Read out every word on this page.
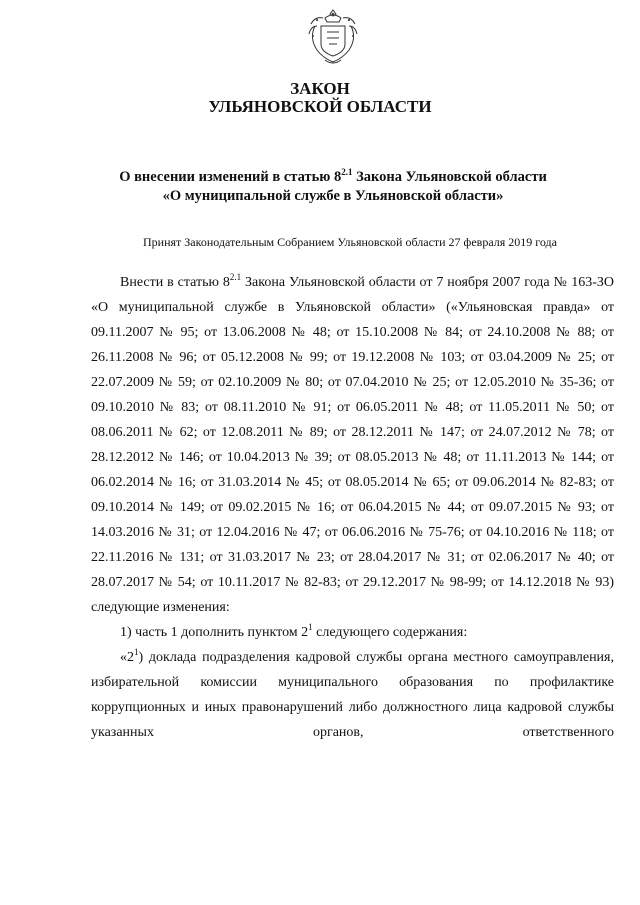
ЗАКОН
УЛЬЯНОВСКОЙ ОБЛАСТИ
О внесении изменений в статью $8^{2.1}$ Закона Ульяновской области
«О муниципальной службе в Ульяновской области»
Принят Законодательным Собранием Ульяновской области 27 февраля 2019 года

Внести в статью $8^{2.1}$ Закона Ульяновской области от 7 ноября 2007 года № 163-ЗО «О муниципальной службе в Ульяновской области» («Ульяновская правда» от 09.11.2007 № 95; от 13.06.2008 № 48; от 15.10.2008 № 84; от 24.10.2008 № 88; от 26.11.2008 № 96; от 05.12.2008 № 99; от 19.12.2008 № 103; от 03.04.2009 № 25; от 22.07.2009 № 59; от 02.10.2009 № 80; от 07.04.2010 № 25; от 12.05.2010 № 35-36; от 09.10.2010 № 83; от 08.11.2010 № 91; от 06.05.2011 № 48; от 11.05.2011 № 50; от 08.06.2011 № 62; от 12.08.2011 № 89; от 28.12.2011 № 147; от 24.07.2012 № 78; от 28.12.2012 № 146; от 10.04.2013 № 39; от 08.05.2013 № 48; от 11.11.2013 № 144; от 06.02.2014 № 16; от 31.03.2014 № 45; от 08.05.2014 № 65; от 09.06.2014 № 82-83; от 09.10.2014 № 149; от 09.02.2015 № 16; от 06.04.2015 № 44; от 09.07.2015 № 93; от 14.03.2016 № 31; от 12.04.2016 № 47; от 06.06.2016 № 75-76; от 04.10.2016 № 118; от 22.11.2016 № 131; от 31.03.2017 № 23; от 28.04.2017 № 31; от 02.06.2017 № 40; от 28.07.2017 № 54; от 10.11.2017 № 82-83; от 29.12.2017 № 98-99; от 14.12.2018 № 93) следующие изменения:

1) часть 1 дополнить пунктом $2^1$ следующего содержания:

«$2^1$) доклада подразделения кадровой службы органа местного самоуправления, избирательной комиссии муниципального образования по профилактике коррупционных и иных правонарушений либо должностного лица кадровой службы указанных органов, ответственного
